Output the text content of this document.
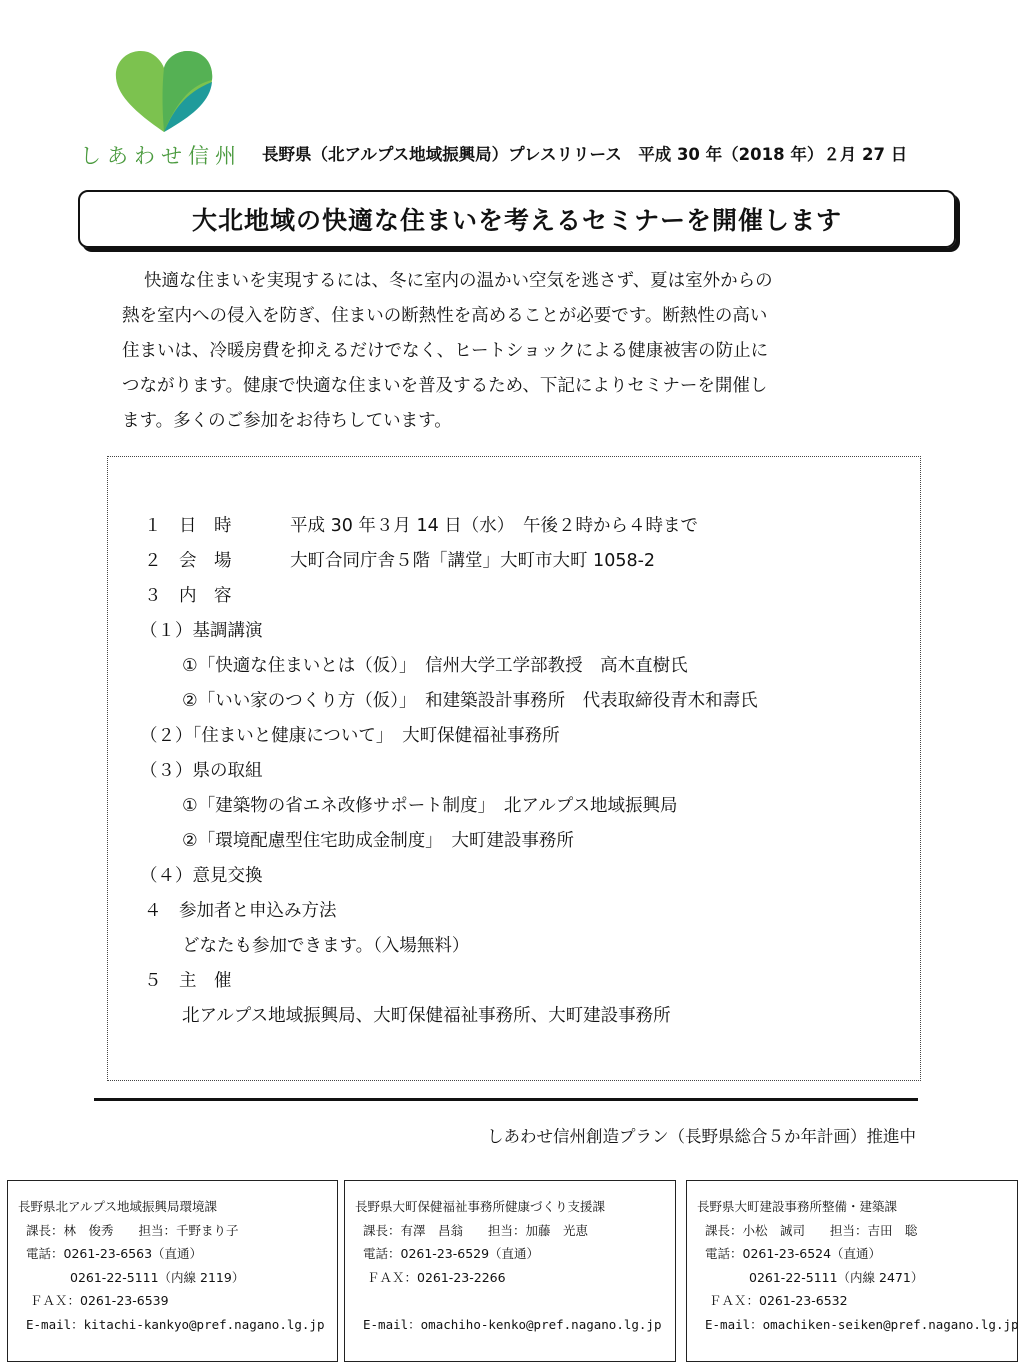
しあわせ信州 長野県（北アルプス地域振興局）プレスリリース　平成 30 年（2018 年）２月 27 日
大北地域の快適な住まいを考えるセミナーを開催します
快適な住まいを実現するには、冬に室内の温かい空気を逃さず、夏は室外からの
熱を室内への侵入を防ぎ、住まいの断熱性を高めることが必要です。断熱性の高い
住まいは、冷暖房費を抑えるだけでなく、ヒートショックによる健康被害の防止に
つながります。健康で快適な住まいを普及するため、下記によりセミナーを開催し
ます。多くのご参加をお待ちしています。
１　日　時	平成 30 年３月 14 日（水）　午後２時から４時まで
２　会　場	大町合同庁舎５階「講堂」大町市大町 1058-2
３　内　容
（１）基調講演
①「快適な住まいとは（仮）」　信州大学工学部教授　高木直樹氏
②「いい家のつくり方（仮）」　和建築設計事務所　代表取締役青木和壽氏
（２）「住まいと健康について」　大町保健福祉事務所
（３）県の取組
①「建築物の省エネ改修サポート制度」　北アルプス地域振興局
②「環境配慮型住宅助成金制度」　大町建設事務所
（４）意見交換
４　参加者と申込み方法
どなたも参加できます。（入場無料）
５　主　催
北アルプス地域振興局、大町保健福祉事務所、大町建設事務所
しあわせ信州創造プラン（長野県総合５か年計画）推進中
長野県北アルプス地域振興局環境課
課長：林　俊秀　　担当：千野まり子
電話：0261-23-6563（直通）
0261-22-5111（内線 2119）
ＦＡＸ：0261-23-6539
E-mail：kitachi-kankyo@pref.nagano.lg.jp
長野県大町保健福祉事務所健康づくり支援課
課長：有澤　昌翁　　担当：加藤　光恵
電話：0261-23-6529（直通）
ＦＡＸ：0261-23-2266
E-mail：omachiho-kenko@pref.nagano.lg.jp
長野県大町建設事務所整備・建築課
課長：小松　誠司　　担当：吉田　聡
電話：0261-23-6524（直通）
0261-22-5111（内線 2471）
ＦＡＸ：0261-23-6532
E-mail：omachiken-seiken@pref.nagano.lg.jp
